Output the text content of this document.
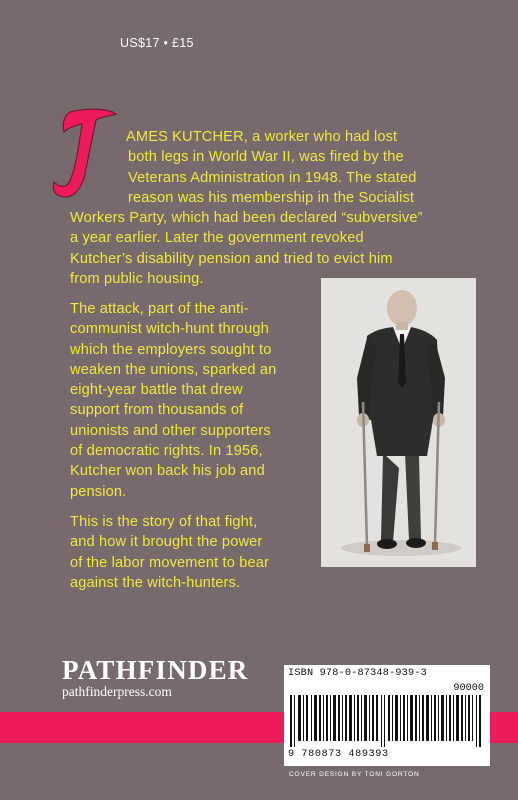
US$17 • £15
AMES KUTCHER, a worker who had lost
both legs in World War II, was fired by the
Veterans Administration in 1948. The stated
reason was his membership in the Socialist
Workers Party, which had been declared “subversive”
a year earlier. Later the government revoked
Kutcher’s disability pension and tried to evict him
from public housing.
The attack, part of the anti-
communist witch-hunt through
which the employers sought to
weaken the unions, sparked an
eight-year battle that drew
support from thousands of
unionists and other supporters
of democratic rights. In 1956,
Kutcher won back his job and
pension.
This is the story of that fight,
and how it brought the power
of the labor movement to bear
against the witch-hunters.
PATHFINDER
pathfinderpress.com
ISBN 978-0-87348-939-3
90000
9 780873 489393
COVER DESIGN BY TONI GORTON
